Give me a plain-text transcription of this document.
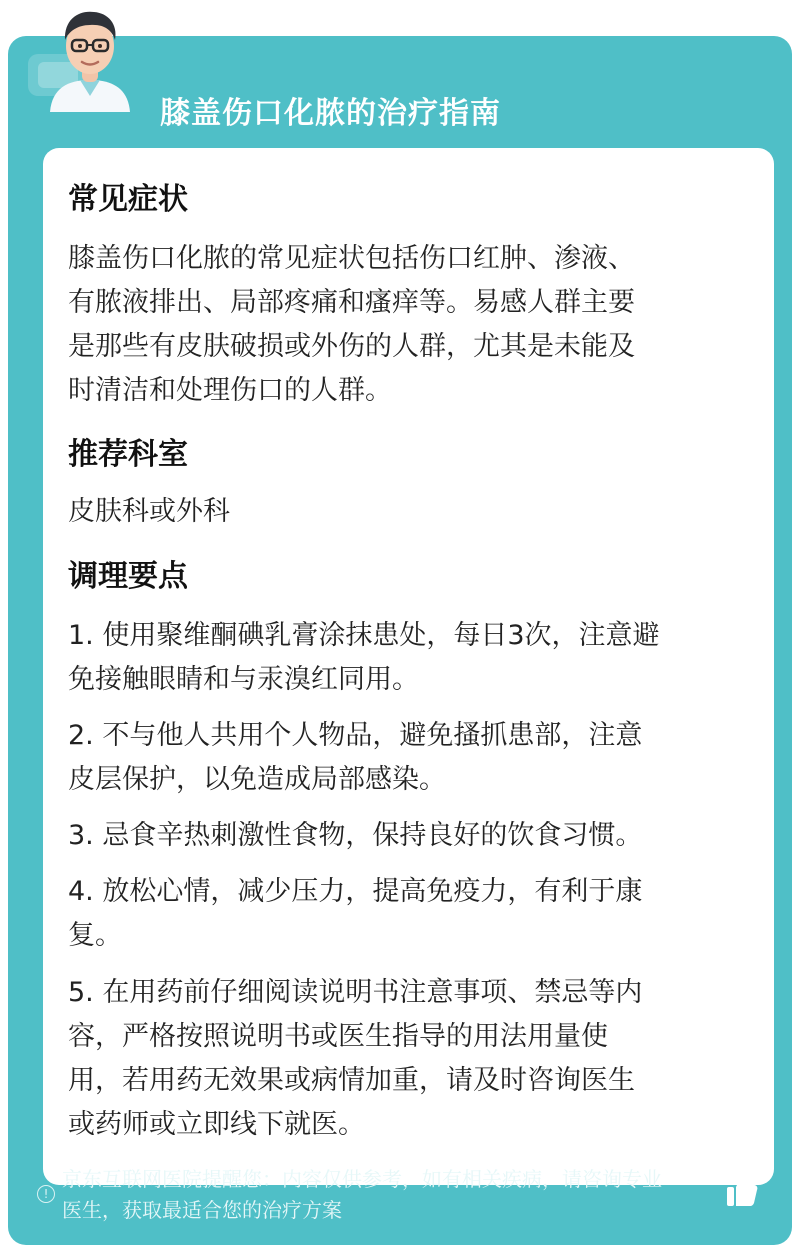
膝盖伤口化脓的治疗指南
常见症状
膝盖伤口化脓的常见症状包括伤口红肿、渗液、
有脓液排出、局部疼痛和瘙痒等。易感人群主要
是那些有皮肤破损或外伤的人群，尤其是未能及
时清洁和处理伤口的人群。
推荐科室
皮肤科或外科
调理要点
1. 使用聚维酮碘乳膏涂抹患处，每日3次，注意避
免接触眼睛和与汞溴红同用。
2. 不与他人共用个人物品，避免搔抓患部，注意
皮层保护，以免造成局部感染。
3. 忌食辛热刺激性食物，保持良好的饮食习惯。
4. 放松心情，减少压力，提高免疫力，有利于康
复。
5. 在用药前仔细阅读说明书注意事项、禁忌等内
容，严格按照说明书或医生指导的用法用量使
用，若用药无效果或病情加重，请及时咨询医生
或药师或立即线下就医。
!
京东互联网医院提醒您：内容仅供参考，如有相关疾病，请咨询专业
医生，获取最适合您的治疗方案
